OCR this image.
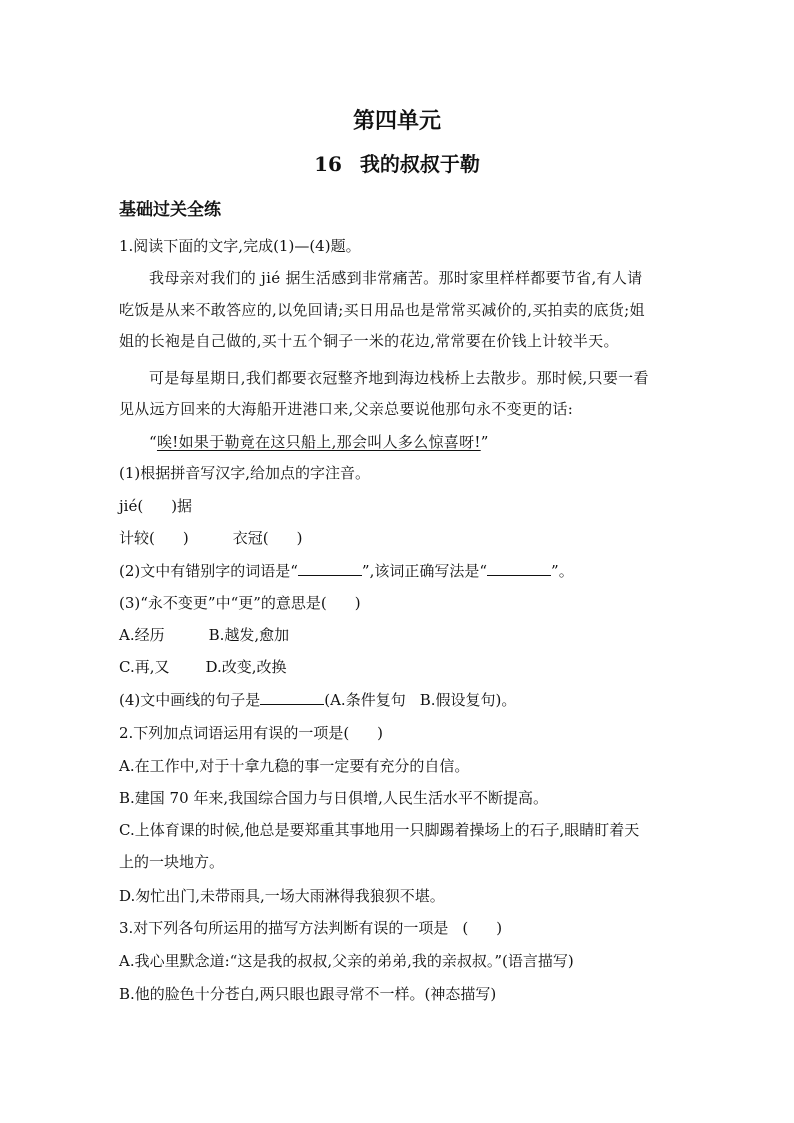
第四单元
16 我的叔叔于勒
基础过关全练
1.阅读下面的文字,完成(1)—(4)题。
我母亲对我们的 jié 据生活感到非常痛苦。那时家里样样都要节省,有人请
吃饭是从来不敢答应的,以免回请;买日用品也是常常买减价的,买拍卖的底货;姐
姐的长袍是自己做的,买十五个铜子一米的花边,常常要在价钱上计较半天。
可是每星期日,我们都要衣冠整齐地到海边栈桥上去散步。那时候,只要一看
见从远方回来的大海船开进港口来,父亲总要说他那句永不变更的话:
“唉!如果于勒竟在这只船上,那会叫人多么惊喜呀!”
(1)根据拼音写汉字,给加点的字注音。
jié( )据
计较( )	衣冠( )
(2)文中有错别字的词语是“	”,该词正确写法是“	”。
(3)“永不变更”中“更”的意思是( )
A.经历	B.越发,愈加
C.再,又 D.改变,改换
(4)文中画线的句子是	(A.条件复句 B.假设复句)。
2.下列加点词语运用有误的一项是( )
A.在工作中,对于十拿九稳的事一定要有充分的自信。
B.建国 70 年来,我国综合国力与日俱增,人民生活水平不断提高。
C.上体育课的时候,他总是要郑重其事地用一只脚踢着操场上的石子,眼睛盯着天
上的一块地方。
D.匆忙出门,未带雨具,一场大雨淋得我狼狈不堪。
3.对下列各句所运用的描写方法判断有误的一项是 ( )
A.我心里默念道:“这是我的叔叔,父亲的弟弟,我的亲叔叔。”(语言描写)
B.他的脸色十分苍白,两只眼也跟寻常不一样。(神态描写)
